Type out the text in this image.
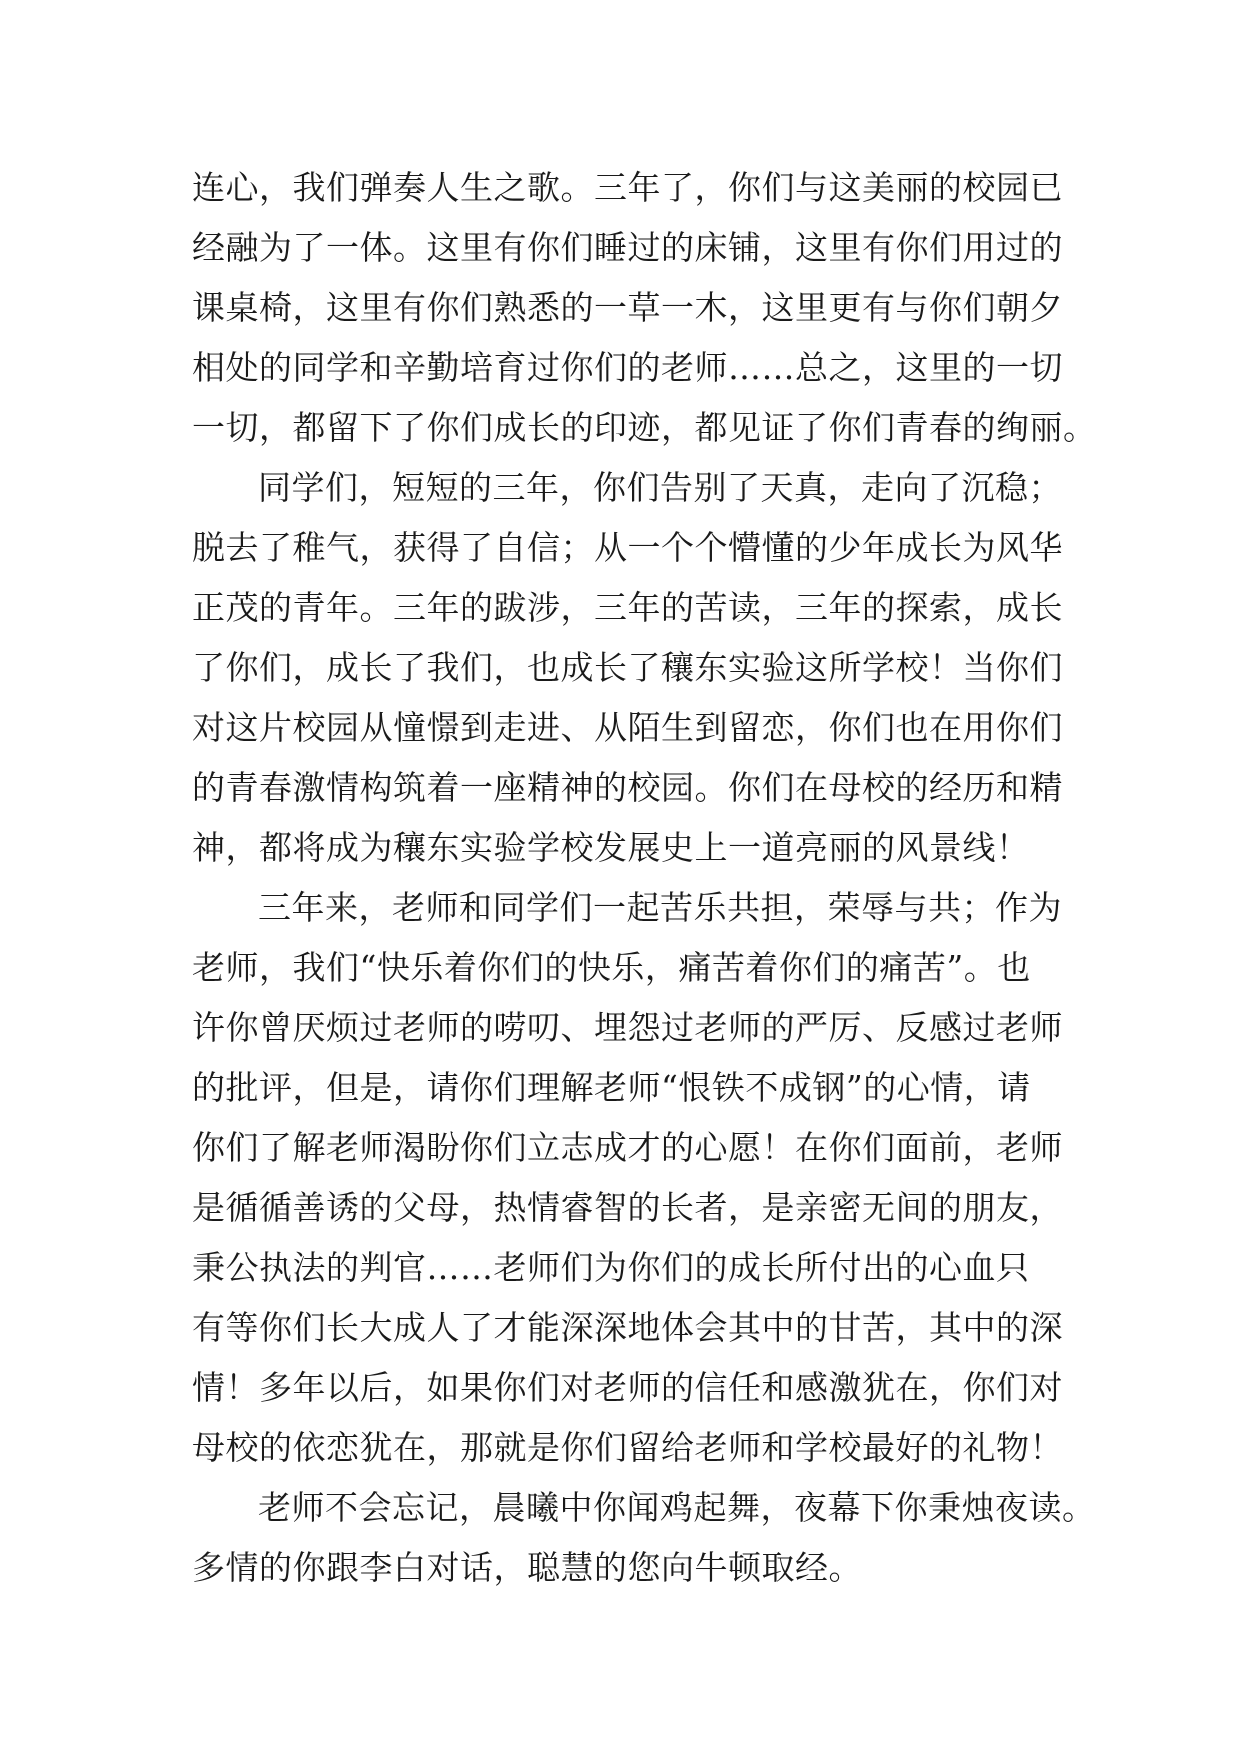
连心，我们弹奏人生之歌。三年了，你们与这美丽的校园已
经融为了一体。这里有你们睡过的床铺，这里有你们用过的
课桌椅，这里有你们熟悉的一草一木，这里更有与你们朝夕
相处的同学和辛勤培育过你们的老师……总之，这里的一切
一切，都留下了你们成长的印迹，都见证了你们青春的绚丽。
同学们，短短的三年，你们告别了天真，走向了沉稳；
脱去了稚气，获得了自信；从一个个懵懂的少年成长为风华
正茂的青年。三年的跋涉，三年的苦读，三年的探索，成长
了你们，成长了我们，也成长了穰东实验这所学校！当你们
对这片校园从憧憬到走进、从陌生到留恋，你们也在用你们
的青春激情构筑着一座精神的校园。你们在母校的经历和精
神，都将成为穰东实验学校发展史上一道亮丽的风景线！
三年来，老师和同学们一起苦乐共担，荣辱与共；作为
老师，我们“快乐着你们的快乐，痛苦着你们的痛苦”。也
许你曾厌烦过老师的唠叨、埋怨过老师的严厉、反感过老师
的批评，但是，请你们理解老师“恨铁不成钢”的心情，请
你们了解老师渴盼你们立志成才的心愿！在你们面前，老师
是循循善诱的父母，热情睿智的长者，是亲密无间的朋友，
秉公执法的判官……老师们为你们的成长所付出的心血只
有等你们长大成人了才能深深地体会其中的甘苦，其中的深
情！多年以后，如果你们对老师的信任和感激犹在，你们对
母校的依恋犹在，那就是你们留给老师和学校最好的礼物！
老师不会忘记，晨曦中你闻鸡起舞，夜幕下你秉烛夜读。
多情的你跟李白对话，聪慧的您向牛顿取经。
